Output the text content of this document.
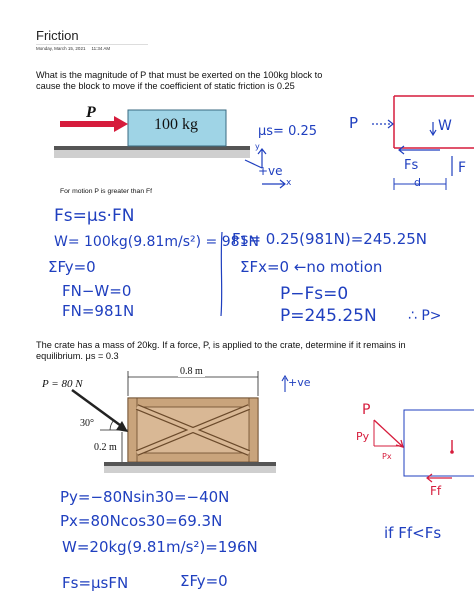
Friction
Monday, March 15, 2021 11:34 AM
What is the magnitude of P that must be exerted on the 100kg block to cause the block to move if the coefficient of static friction is 0.25
P
100 kg	μs= 0.25
y
+ve
x
P	W
Fs	F
d
For motion P is greater than Ff
Fs=μs·FN
W= 100kg(9.81m/s²) = 981N
ΣFy=0
FN−W=0
FN=981N
Fs= 0.25(981N)=245.25N
ΣFx=0 ←no motion
P−Fs=0
P=245.25N ∴ P>
The crate has a mass of 20kg. If a force, P, is applied to the crate, determine if it remains in equilibrium. μs = 0.3
0.8 m
P = 80 N
30°
0.2 m
+ve
P
Py
Px
Ff
Py=−80Nsin30=−40N
Px=80Ncos30=69.3N
W=20kg(9.81m/s²)=196N
Fs=μsFN	ΣFy=0
if Ff<Fs
